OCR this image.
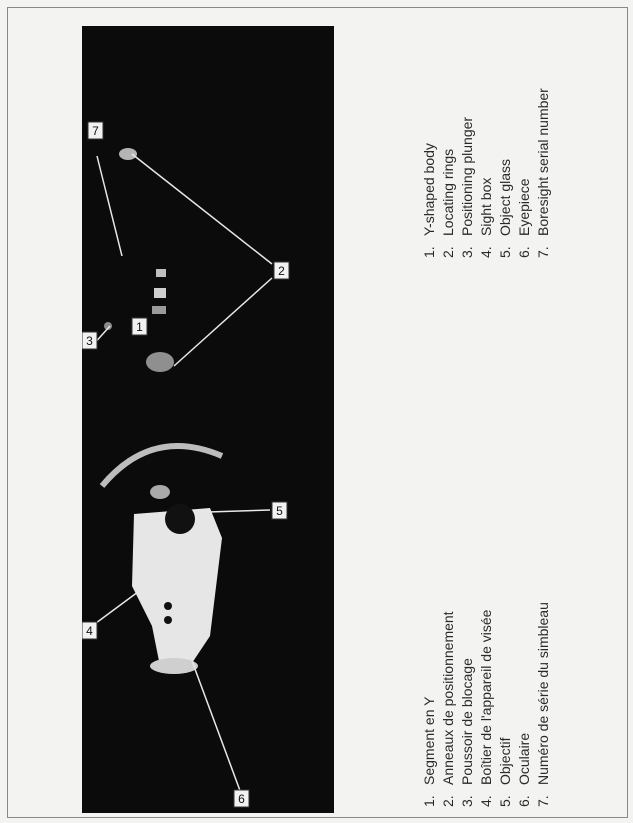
7
2
3
1
5
4
6
1.Y-shaped body
2.Locating rings
3.Positioning plunger
4.Sight box
5.Object glass
6.Eyepiece
7.Boresight serial number
1.Segment en Y
2.Anneaux de positionnement
3.Poussoir de blocage
4.Boîtier de l'appareil de visée
5.Objectif
6.Oculaire
7.Numéro de série du simbleau
